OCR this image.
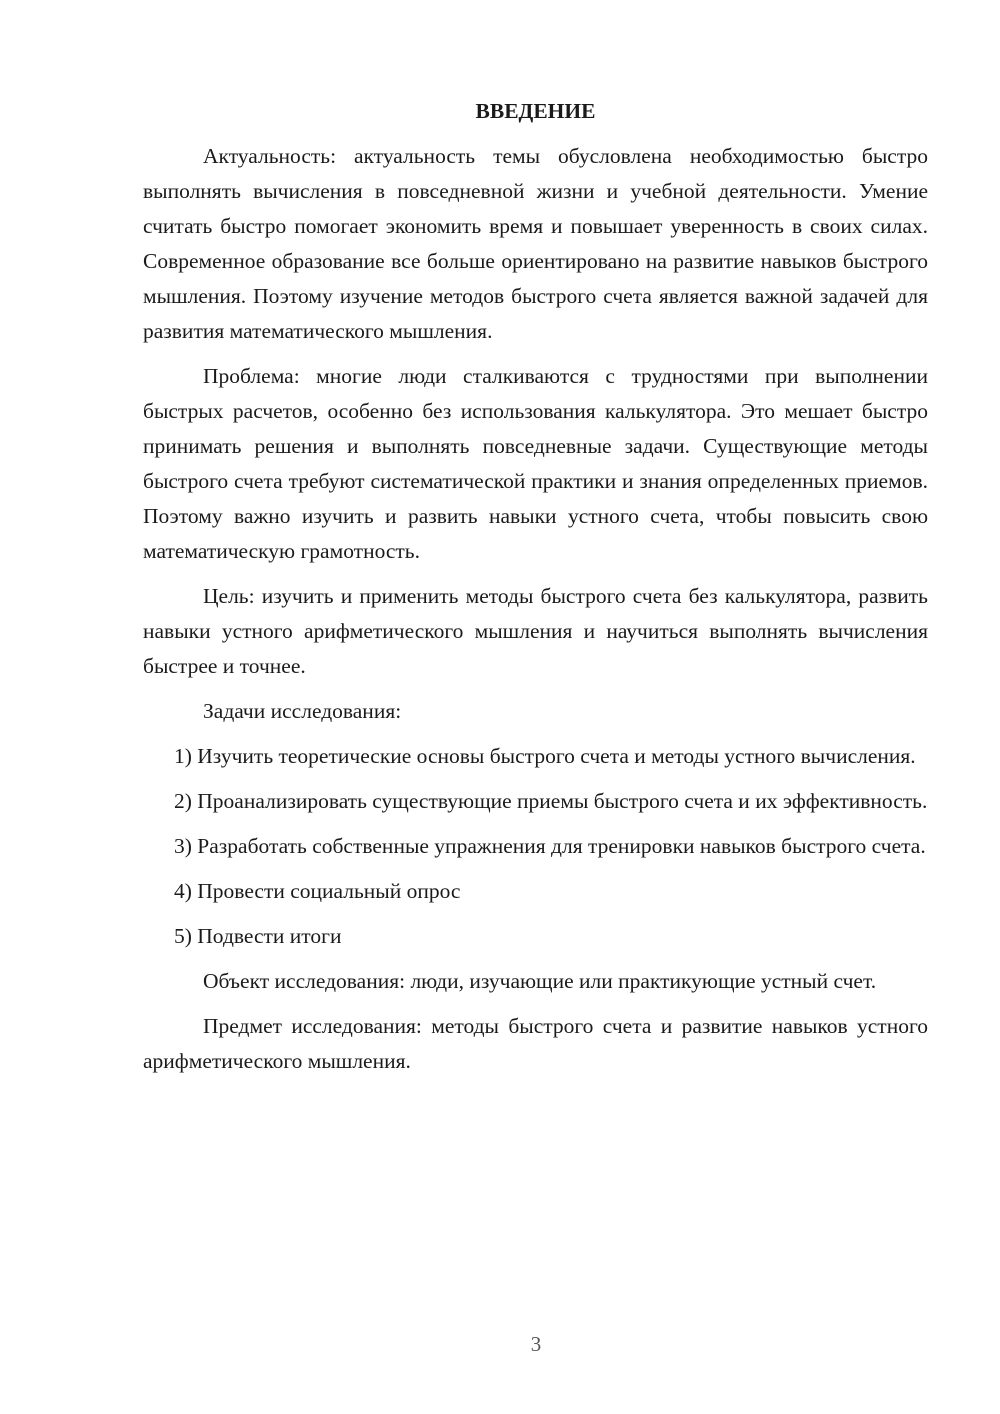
ВВЕДЕНИЕ

Актуальность: актуальность темы обусловлена необходимостью быстро выполнять вычисления в повседневной жизни и учебной деятельности. Умение считать быстро помогает экономить время и повышает уверенность в своих силах. Современное образование все больше ориентировано на развитие навыков быстрого мышления. Поэтому изучение методов быстрого счета является важной задачей для развития математического мышления.

Проблема: многие люди сталкиваются с трудностями при выполнении быстрых расчетов, особенно без использования калькулятора. Это мешает быстро принимать решения и выполнять повседневные задачи. Существующие методы быстрого счета требуют систематической практики и знания определенных приемов. Поэтому важно изучить и развить навыки устного счета, чтобы повысить свою математическую грамотность.

Цель: изучить и применить методы быстрого счета без калькулятора, развить навыки устного арифметического мышления и научиться выполнять вычисления быстрее и точнее.

Задачи исследования:

1) Изучить теоретические основы быстрого счета и методы устного вычисления.

2) Проанализировать существующие приемы быстрого счета и их эффективность.

3) Разработать собственные упражнения для тренировки навыков быстрого счета.

4) Провести социальный опрос

5) Подвести итоги

Объект исследования: люди, изучающие или практикующие устный счет.

Предмет исследования: методы быстрого счета и развитие навыков устного арифметического мышления.

3
